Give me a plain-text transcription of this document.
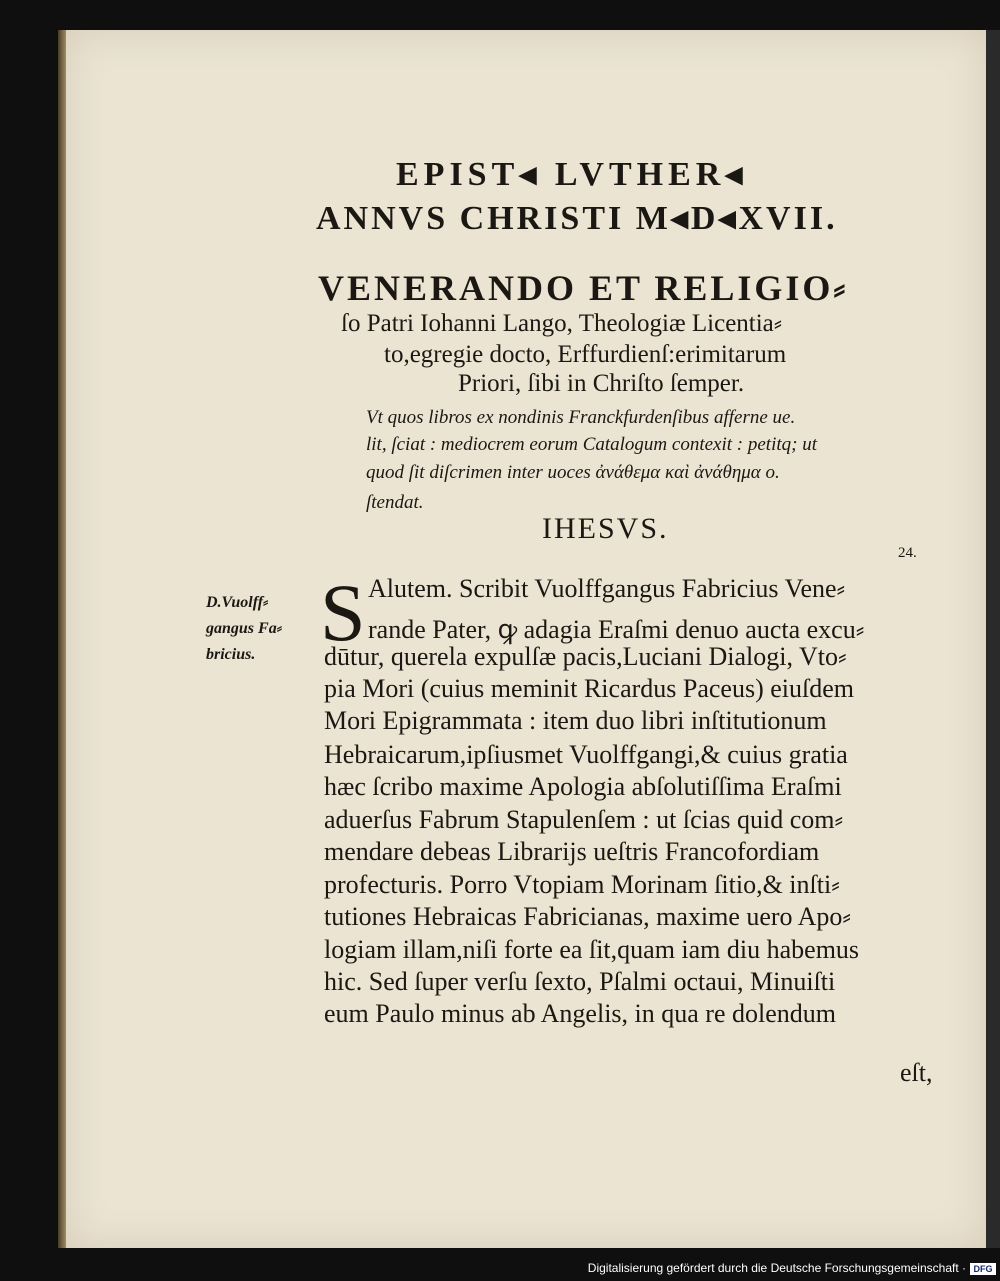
EPIST◂ LVTHER◂
ANNVS CHRISTI M◂D◂XVII.
VENERANDO ET RELIGIO⸗
ſo Patri Iohanni Lango, Theologiæ Licentia⸗
to,egregie docto, Erffurdienſ:erimitarum
Priori, ſibi in Chriſto ſemper.
Vt quos libros ex nondinis Franckfurdenſibus afferne ue.
lit, ſciat : mediocrem eorum Catalogum contexit : petitq; ut
quod ſit diſcrimen inter uoces ἀνάθεμα καὶ ἀνάθημα o.
ſtendat.
IHESVS.
24.
D.Vuolff⸗
gangus Fa⸗
bricius. S Alutem. Scribit Vuolffgangus Fabricius Vene⸗
rande Pater, ꝙ adagia Eraſmi denuo aucta excu⸗
dūtur, querela expulſæ pacis,Luciani Dialogi, Vto⸗
pia Mori (cuius meminit Ricardus Paceus) eiuſdem
Mori Epigrammata : item duo libri inſtitutionum
Hebraicarum,ipſiusmet Vuolffgangi,& cuius gratia
hæc ſcribo maxime Apologia abſolutiſſima Eraſmi
aduerſus Fabrum Stapulenſem : ut ſcias quid com⸗
mendare debeas Librarijs ueſtris Francofordiam
profecturis. Porro Vtopiam Morinam ſitio,& inſti⸗
tutiones Hebraicas Fabricianas, maxime uero Apo⸗
logiam illam,niſi forte ea ſit,quam iam diu habemus
hic. Sed ſuper verſu ſexto, Pſalmi octaui, Minuiſti
eum Paulo minus ab Angelis, in qua re dolendum
eſt,
Digitalisierung gefördert durch die Deutsche Forschungsgemeinschaft · DFG
